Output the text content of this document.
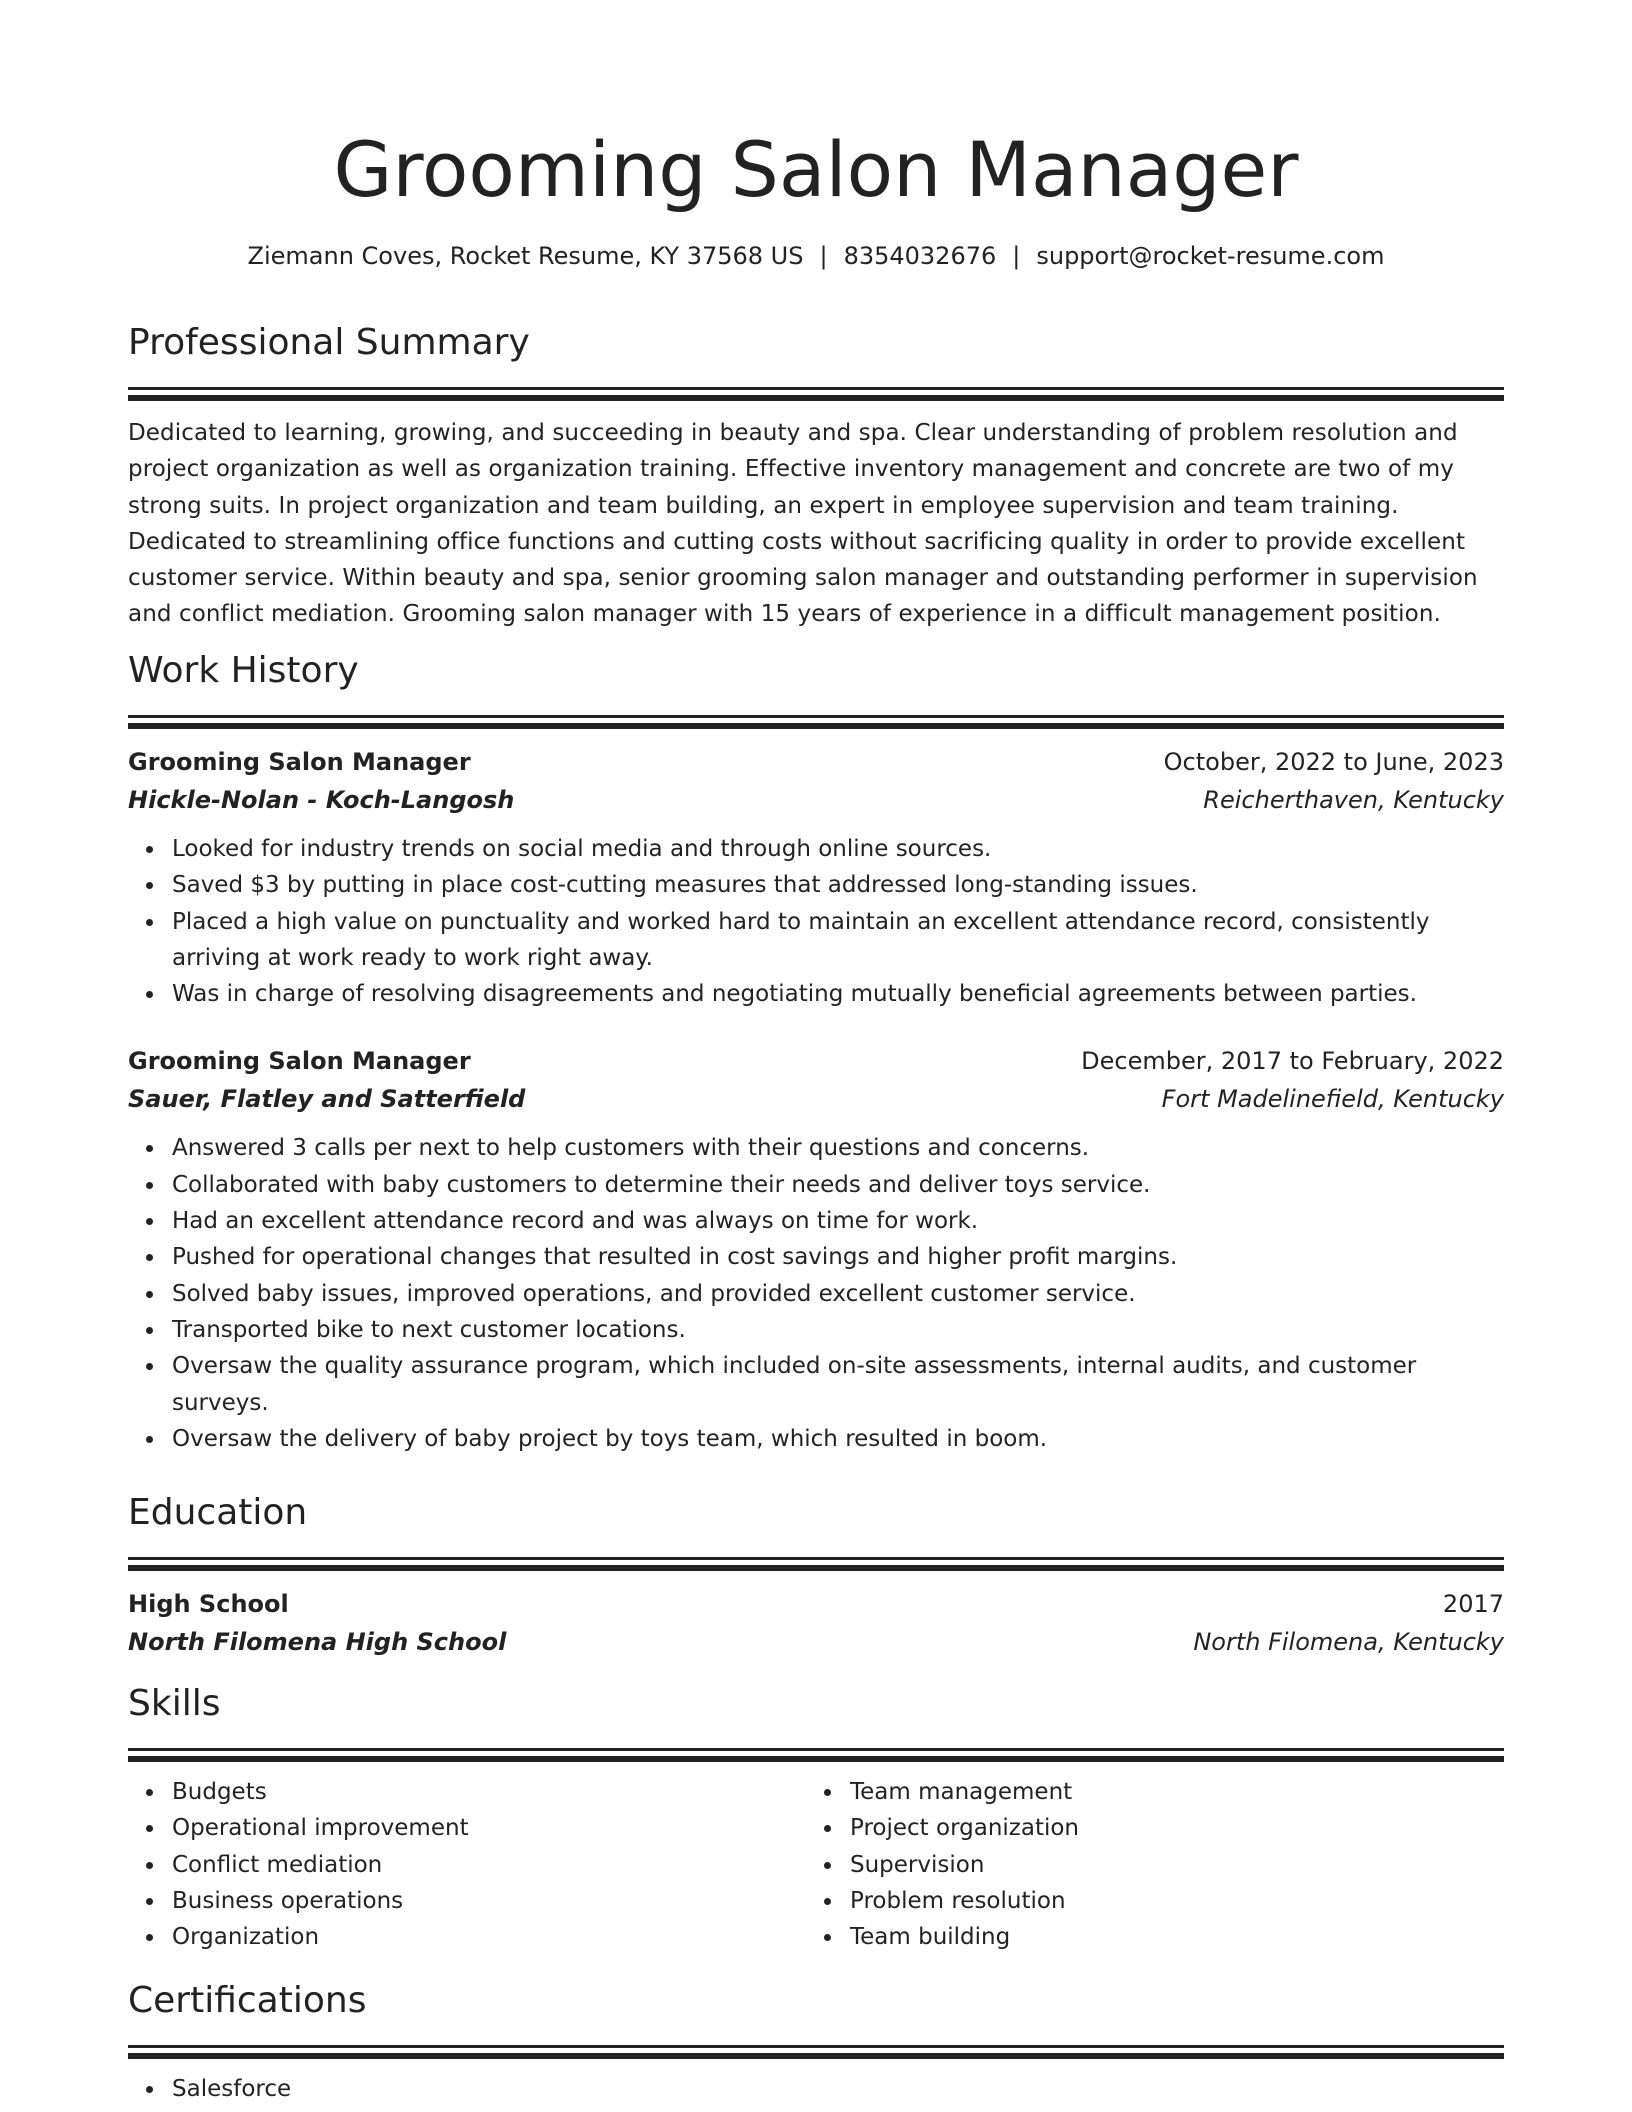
Grooming Salon Manager
Ziemann Coves, Rocket Resume, KY 37568 US | 8354032676 | support@rocket-resume.com
Professional Summary
Dedicated to learning, growing, and succeeding in beauty and spa. Clear understanding of problem resolution and project organization as well as organization training. Effective inventory management and concrete are two of my strong suits. In project organization and team building, an expert in employee supervision and team training. Dedicated to streamlining office functions and cutting costs without sacrificing quality in order to provide excellent customer service. Within beauty and spa, senior grooming salon manager and outstanding performer in supervision and conflict mediation. Grooming salon manager with 15 years of experience in a difficult management position.
Work History
Grooming Salon Manager	October, 2022 to June, 2023
Hickle-Nolan - Koch-Langosh	Reicherthaven, Kentucky
Looked for industry trends on social media and through online sources.
Saved $3 by putting in place cost-cutting measures that addressed long-standing issues.
Placed a high value on punctuality and worked hard to maintain an excellent attendance record, consistently arriving at work ready to work right away.
Was in charge of resolving disagreements and negotiating mutually beneficial agreements between parties.
Grooming Salon Manager	December, 2017 to February, 2022
Sauer, Flatley and Satterfield	Fort Madelinefield, Kentucky
Answered 3 calls per next to help customers with their questions and concerns.
Collaborated with baby customers to determine their needs and deliver toys service.
Had an excellent attendance record and was always on time for work.
Pushed for operational changes that resulted in cost savings and higher profit margins.
Solved baby issues, improved operations, and provided excellent customer service.
Transported bike to next customer locations.
Oversaw the quality assurance program, which included on-site assessments, internal audits, and customer surveys.
Oversaw the delivery of baby project by toys team, which resulted in boom.
Education
High School	2017
North Filomena High School	North Filomena, Kentucky
Skills
Budgets
Operational improvement
Conflict mediation
Business operations
Organization
Team management
Project organization
Supervision
Problem resolution
Team building
Certifications
Salesforce
